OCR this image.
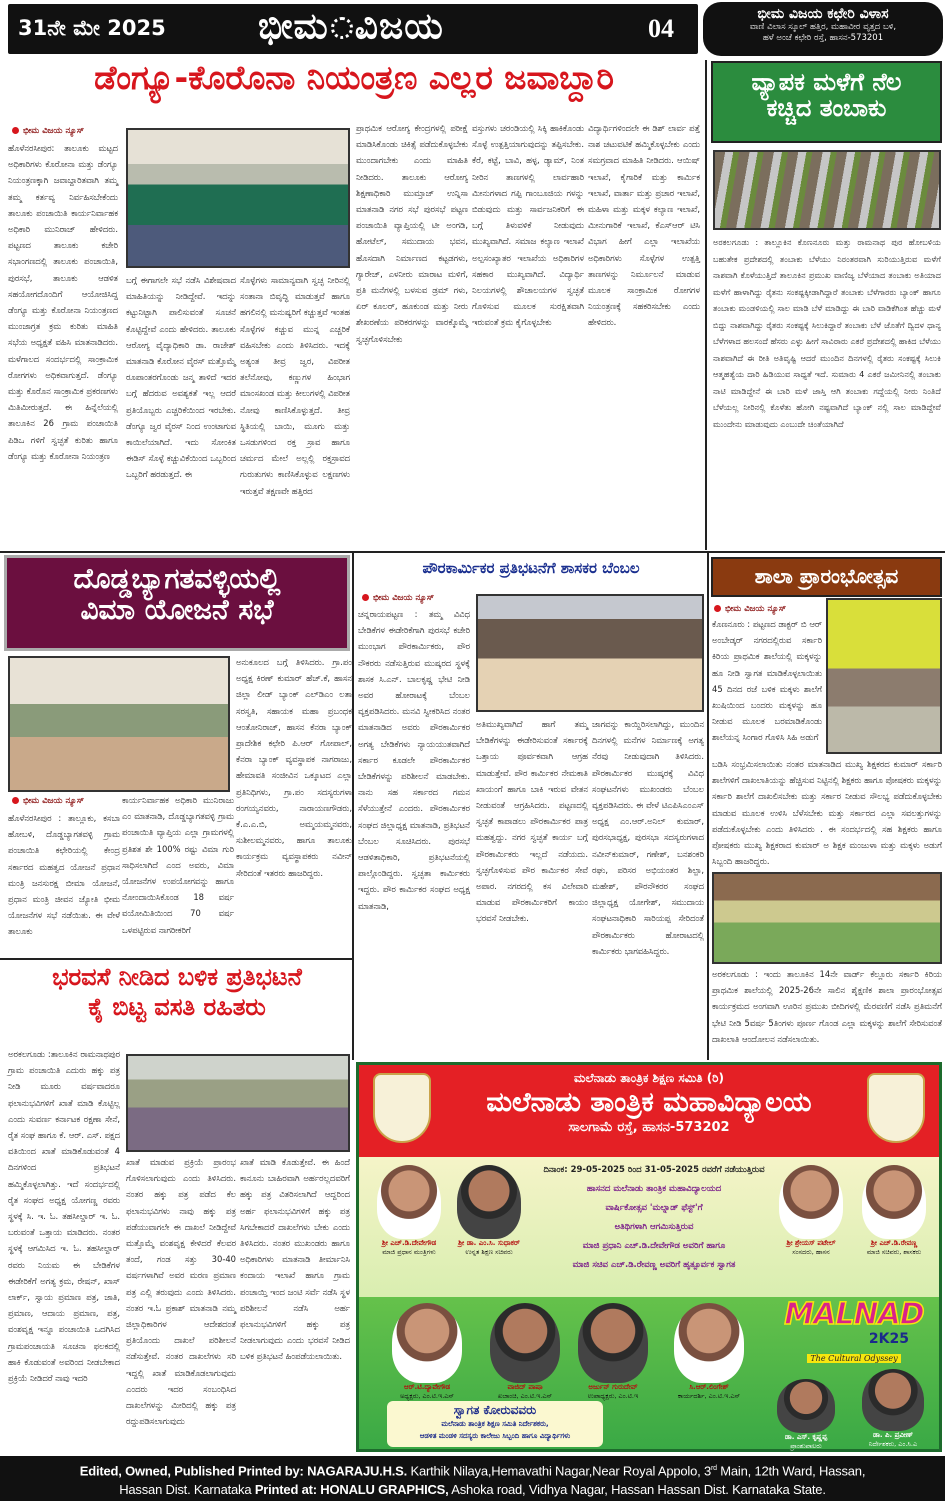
31ನೇ ಮೇ 2025	ಭೀಮ ವಿಜಯ	04	ಭೀಮ ವಿಜಯ ಕಛೇರಿ ವಿಳಾಸ
ವಾಣಿ ವಿಲಾಸ ಸ್ಕೂಲ್ ಹತ್ತಿರ, ಮಹಾವೀರ ವೃತ್ತದ ಬಳಿ,
ಹಳೆ ಅಂಚೆ ಕಛೇರಿ ರಸ್ತೆ, ಹಾಸನ-573201
ಡೆಂಗ್ಯೂ-ಕೊರೊನಾ ನಿಯಂತ್ರಣ ಎಲ್ಲರ ಜವಾಬ್ದಾರಿ
ಭೀಮ ವಿಜಯ ನ್ಯೂಸ್
ಹೊಳೆನರಸೀಪುರ: ತಾಲೂಕು ಮಟ್ಟದ ಅಧಿಕಾರಿಗಳು ಕೊರೋನಾ ಮತ್ತು ಡೆಂಗ್ಯೂ ನಿಯಂತ್ರಣಕ್ಕಾಗಿ ಜವಾಬ್ದಾರಿತವಾಗಿ ತಮ್ಮ ತಮ್ಮ ಕರ್ತವ್ಯ ನಿರ್ವಹಿಸಬೇಕೆಂದು ತಾಲೂಕು ಪಂಚಾಯಿತಿ ಕಾರ್ಯನಿರ್ವಾಹಕ ಅಧಿಕಾರಿ ಮುನಿರಾಜ್ ಹೇಳಿದರು. ಪಟ್ಟಣದ ತಾಲೂಕು ಕಚೇರಿ ಸಭಾಂಗಣದಲ್ಲಿ ತಾಲೂಕು ಪಂಚಾಯಿತಿ, ಪುರಸಭೆ, ತಾಲೂಕು ಆಡಳಿತ ಸಹಯೋಗದೊಂದಿಗೆ ಆಯೋಜಿಸಿದ್ದ ಡೆಂಗ್ಯೂ ಮತ್ತು ಕೊರೋನಾ ನಿಯಂತ್ರಣದ ಮುಂಜಾಗ್ರತ ಕ್ರಮ ಕುರಿತು ಮಾಹಿತಿ ಸಭೆಯ ಅಧ್ಯಕ್ಷತೆ ವಹಿಸಿ ಮಾತನಾಡಿದರು. ಮಳೆಗಾಲದ ಸಂದರ್ಭದಲ್ಲಿ ಸಾಂಕ್ರಾಮಿಕ ರೋಗಗಳು ಅಧಿಕವಾಗುತ್ತದೆ. ಡೆಂಗ್ಯೂ ಮತ್ತು ಕೊರೊನ ಸಾಂಕ್ರಾಮಿಕ ಪ್ರಕರಣಗಳು ಮಿತಿಮೀರುತ್ತದೆ. ಈ ಹಿನ್ನೆಲೆಯಲ್ಲಿ ತಾಲೂಕಿನ 26 ಗ್ರಾಮ ಪಂಚಾಯಿತಿ ಪಿಡಿಒ ಗಳಿಗೆ ಸ್ವಚ್ಛತೆ ಕುರಿತು ಹಾಗೂ ಡೆಂಗ್ಯೂ ಮತ್ತು ಕೊರೋನಾ ನಿಯಂತ್ರಣ
ಬಗ್ಗೆ ಈಗಾಗಲೇ ಸಭೆ ನಡೆಸಿ ವಿಶೇಷವಾದ ಮಾಹಿತಿಯನ್ನು ನೀಡಿದ್ದೇವೆ. ಇದನ್ನು ಕಟ್ಟುನಿಟ್ಟಾಗಿ ಪಾಲಿಸುವಂತೆ ಸೂಚನೆ ಕೊಟ್ಟಿದ್ದೇವೆ ಎಂದು ಹೇಳಿದರು. ತಾಲೂಕು ಆರೋಗ್ಯ ವೈದ್ಯಾಧಿಕಾರಿ ಡಾ. ರಾಜೇಶ್ ಮಾತನಾಡಿ ಕೊರೋನ ವೈರಸ್ ಮತ್ತೊಮ್ಮೆ ರೂಪಾಂತರಗೊಂಡು ಜನ್ಮ ತಾಳಿದೆ ಇದರ ಬಗ್ಗೆ ಹೆದರುವ ಅವಶ್ಯಕತೆ ಇಲ್ಲ ಆದರೆ ಪ್ರತಿಯೊಬ್ಬರು ಎಚ್ಚರಿಕೆಯಿಂದ ಇರಬೇಕು. ಡೆಂಗ್ಯೂ ಜ್ವರ ವೈರಸ್ ನಿಂದ ಉಂಟಾಗುವ ಕಾಯಿಲೆಯಾಗಿದೆ. ಇದು ಸೋಂಕಿತ ಈಡಿಸ್ ಸೊಳ್ಳೆ ಕಚ್ಚುವಿಕೆಯಿಂದ ಒಬ್ಬರಿಂದ ಒಬ್ಬರಿಗೆ ಹರಡುತ್ತದೆ. ಈ
ಸೊಳ್ಳೆಗಳು ಸಾಮಾನ್ಯವಾಗಿ ಸ್ವಚ್ಛ ನೀರಿನಲ್ಲಿ ಸಂತಾನಾ ಬಿವೃದ್ಧಿ ಮಾಡುತ್ತವೆ ಹಾಗೂ ಹಗಲಿನಲ್ಲಿ ಮನುಷ್ಯರಿಗೆ ಕಚ್ಚುತ್ತವೆ ಇಂತಹ ಸೊಳ್ಳೆಗಳ ಕಚ್ಚುವ ಮುನ್ನ ಎಚ್ಚರಿಕೆ ವಹಿಸಬೇಕು ಎಂದು ತಿಳಿಸಿದರು. ಇದಕ್ಕೆ ಅತ್ಯಂತ ತೀವ್ರ ಜ್ವರ, ವಿಪರೀತ ತಲೆನೋವು, ಕಣ್ಣುಗಳ ಹಿಂಭಾಗ ಮಾಂಸಖಂಡ ಮತ್ತು ಕೀಲುಗಳಲ್ಲಿ ವಿಪರೀತ ನೋವು ಕಾಣಿಸಿಕೊಳ್ಳುತ್ತದೆ. ತೀವ್ರ ಸ್ಥಿತಿಯಲ್ಲಿ ಬಾಯಿ, ಮೂಗು ಮತ್ತು ಒಸಡುಗಳಿಂದ ರಕ್ತ ಸ್ರಾವ ಹಾಗೂ ಚರ್ಮದ ಮೇಲೆ ಅಲ್ಲಲ್ಲಿ ರಕ್ತಸ್ರಾವದ ಗುರುತುಗಳು ಕಾಣಿಸಿಕೊಳ್ಳುವ ಲಕ್ಷಣಗಳು ಇರುತ್ತವೆ ತಕ್ಷಣವೇ ಹತ್ತಿರದ
ಪ್ರಾಥಮಿಕ ಆರೋಗ್ಯ ಕೇಂದ್ರಗಳಲ್ಲಿ ಪರೀಕ್ಷೆ ಮಾಡಿಸಿಕೊಂಡು ಚಿಕಿತ್ಸೆ ಪಡೆದುಕೊಳ್ಳಬೇಕು ಮುಂದಾಗಬೇಕು ಎಂದು ಮಾಹಿತಿ ನೀಡಿದರು. ತಾಲೂಕು ಆರೋಗ್ಯ ಶಿಕ್ಷಣಾಧಿಕಾರಿ ಮುಮ್ತಾಜ್ ಉನ್ನಿಸಾ ಮಾತನಾಡಿ ನಗರ ಸಭೆ ಪುರಸಭೆ ಪಟ್ಟಣ ಪಂಚಾಯಿತಿ ವ್ಯಾಪ್ತಿಯಲ್ಲಿ ಟೀ ಅಂಗಡಿ, ಹೋಟೆಲ್, ಸಮುದಾಯ ಭವನ, ಹೊಸದಾಗಿ ನಿರ್ಮಾಣದ ಕಟ್ಟಡಗಳು, ಗ್ಯಾರೇಜ್, ಎಳನೀರು ಮಾರಾಟ ಮಳಿಗೆ, ಪ್ರತಿ ಮನೆಗಳಲ್ಲಿ ಬಳಸುವ ಡ್ರಮ್ ಗಳು, ಏರ್ ಕೂಲರ್, ಹೂಕುಂಡ ಮತ್ತು ನೀರು ಶೇಖರಣೆಯ ಪರಿಕರಗಳನ್ನು ವಾರಕ್ಕೊಮ್ಮೆ ಸ್ವಚ್ಛಗೊಳಿಸಬೇಕು
ವಸ್ತುಗಳು ಚರಂಡಿಯಲ್ಲಿ ಸಿಕ್ಕಿ ಹಾಕಿಕೊಂಡು ಸೊಳ್ಳೆ ಉತ್ಪತ್ತಿಯಾಗುವುದನ್ನು ತಪ್ಪಿಸಬೇಕು. ಕೆರೆ, ಕಟ್ಟೆ, ಬಾವಿ, ಹಳ್ಳ, ಡ್ಯಾಮ್, ನಿಂತ ನೀರಿನ ತಾಣಗಳಲ್ಲಿ ಲಾರ್ವಹಾರಿ ಮೀನುಗಳಾದ ಗಪ್ಪಿ ಗಾಂಬೂಜಿಯ ಗಳನ್ನು ಬಿಡುವುದು ಮತ್ತು ಸಾರ್ವಜನಿಕರಿಗೆ ಈ ಬಗ್ಗೆ ತಿಳುವಳಿಕೆ ನೀಡುವುದು ಮುಖ್ಯವಾಗಿದೆ. ಸಮಾಜ ಕಲ್ಯಾಣ ಇಲಾಖೆ ಅಲ್ಪಸಂಖ್ಯಾತರ ಇಲಾಖೆಯ ಅಧಿಕಾರಿಗಳ ಸಹಕಾರ ಮುಖ್ಯವಾಗಿದೆ. ವಿದ್ಯಾರ್ಥಿ ನಿಲಯಗಳಲ್ಲಿ ಶೌಚಾಲಯಗಳ ಸ್ವಚ್ಛತೆ ಗೊಳಿಸುವ ಮೂಲಕ ಸುರಕ್ಷಿತವಾಗಿ ಇರುವಂತೆ ಕ್ರಮ ಕೈಗೊಳ್ಳಬೇಕು
ವಿದ್ಯಾರ್ಥಿಗಳಿಂದಲೇ ಈ ಡಿಶ್ ಲಾರ್ವ ಪತ್ತೆ ನಾಶ ಚಟುವಟಿಕೆ ಹಮ್ಮಿಕೊಳ್ಳಬೇಕು ಎಂದು ಸಮಗ್ರವಾದ ಮಾಹಿತಿ ನೀಡಿದರು. ಆಯಿಷ್ ಇಲಾಖೆ, ಕೈಗಾರಿಕೆ ಮತ್ತು ಕಾರ್ಮಿಕ ಇಲಾಖೆ, ವಾರ್ತಾ ಮತ್ತು ಪ್ರಚಾರ ಇಲಾಖೆ, ಮಹಿಳಾ ಮತ್ತು ಮಕ್ಕಳ ಕಲ್ಯಾಣ ಇಲಾಖೆ, ಮೀನುಗಾರಿಕೆ ಇಲಾಖೆ, ಕೆಎಸ್ಆರ್ ಟಿಸಿ ವಿಭಾಗ ಹೀಗೆ ಎಲ್ಲಾ ಇಲಾಖೆಯ ಅಧಿಕಾರಿಗಳು ಸೊಳ್ಳೆಗಳ ಉತ್ಪತ್ತಿ ತಾಣಗಳನ್ನು ನಿರ್ಮೂಲನೆ ಮಾಡುವ ಮೂಲಕ ಸಾಂಕ್ರಾಮಿಕ ರೋಗಗಳ ನಿಯಂತ್ರಣಕ್ಕೆ ಸಹಕರಿಸಬೇಕು ಎಂದು ಹೇಳಿದರು.
ವ್ಯಾಪಕ ಮಳೆಗೆ ನೆಲ
ಕಚ್ಚಿದ ತಂಬಾಕು
ಅರಕಲಗೂಡು : ತಾಲ್ಲೂಕಿನ ಕೊಣನೂರು ಮತ್ತು ರಾಮನಾಥ ಪುರ ಹೋಬಳಿಯ ಬಹುತೇಕ ಪ್ರದೇಶದಲ್ಲಿ ತಂಬಾಕು ಬೆಳೆಯು ನಿರಂತರವಾಗಿ ಸುರಿಯುತ್ತಿರುವ ಮಳೆಗೆ ನಾಶವಾಗಿ ಕೊಳೆಯುತ್ತಿದೆ ತಾಲೂಕಿನ ಪ್ರಮುಖ ವಾಣಿಜ್ಯ ಬೆಳೆಯಾದ ತಂಬಾಕು ಅತಿಯಾದ ಮಳೆಗೆ ಹಾಳಾಗಿದ್ದು ರೈತನು ಸಂಕಷ್ಟಕ್ಕೀಡಾಗಿದ್ದಾರೆ ತಂಬಾಕು ಬೆಳೆಗಾರರು ಬ್ಯಾಂಕ್ ಹಾಗೂ ತಂಬಾಕು ಮಂಡಳಿಯಲ್ಲಿ ಸಾಲ ಮಾಡಿ ಬೆಳೆ ಮಾಡಿದ್ದು ಈ ಬಾರಿ ವಾಡಿಕೆಗಿಂತ ಹೆಚ್ಚು ಮಳೆ ಬಿದ್ದು ನಾಶವಾಗಿದ್ದು ರೈತರು ಸಂಕಷ್ಟಕ್ಕೆ ಸಿಲುಕಿದ್ದಾರೆ ತಂಬಾಕು ಬೆಳೆ ಜೊತೆಗೆ ದ್ವಿದಳ ಧಾನ್ಯ ಬೆಳೆಗಳಾದ ಹಲಸಂದೆ ಹೆಸರು ಎಳ್ಳು ಹೀಗೆ ಸಾವಿರಾರು ಎಕರೆ ಪ್ರದೇಶದಲ್ಲಿ ಹಾಕಿದ ಬೆಳೆಯು ನಾಶವಾಗಿದೆ ಈ ರೀತಿ ಅತಿವೃಷ್ಟಿ ಆದರೆ ಮುಂದಿನ ದಿನಗಳಲ್ಲಿ ರೈತರು ಸಂಕಷ್ಟಕ್ಕೆ ಸಿಲುಕಿ ಆತ್ಮಹತ್ಯೆಯ ದಾರಿ ಹಿಡಿಯುವ ಸಾಧ್ಯತೆ ಇದೆ. ಸುಮಾರು 4 ಎಕರೆ ಜಮೀನಿನಲ್ಲಿ ತಂಬಾಕು ನಾಟಿ ಮಾಡಿದ್ದೇನೆ ಈ ಬಾರಿ ಮಳೆ ಜಾಸ್ತಿ ಆಗಿ ತಂಬಾಕು ಗದ್ದೆಯಲ್ಲಿ ನೀರು ನಿಂತಿದೆ ಬೆಳೆಯಲ್ಲ ನೀರಿನಲ್ಲಿ ಕೊಳೆತು ಹೋಗಿ ನಷ್ಟವಾಗಿದೆ ಬ್ಯಾಂಕ್ ನಲ್ಲಿ ಸಾಲ ಮಾಡಿದ್ದೇವೆ ಮುಂದೇನು ಮಾಡುವುದು ಎಂಬುದೇ ಚಿಂತೆಯಾಗಿದೆ
ದೊಡ್ಡಬ್ಯಾಗತವಳ್ಳಿಯಲ್ಲಿ
ವಿಮಾ ಯೋಜನೆ ಸಭೆ
ಅನುಕೂಲದ ಬಗ್ಗೆ ತಿಳಿಸಿದರು. ಗ್ರಾ.ಪಂ ಅಧ್ಯಕ್ಷ ಕಿರಣ್ ಕುಮಾರ್ ಹೆಚ್.ಕೆ, ಹಾಸನ ಜಿಲ್ಲಾ ಲೀಡ್ ಬ್ಯಾಂಕ್ ಎಲ್‌ಡಿಎಂ ಲತಾ ಸರಸ್ವತಿ, ಸಹಾಯಕ ಮಹಾ ಪ್ರಬಂಧಕ ಆಂತೋನಿರಾಜ್, ಹಾಸನ ಕೆನರಾ ಬ್ಯಾಂಕ್ ಪ್ರಾದೇಶಿಕ ಕಛೇರಿ ಪಿ.ಆರ್ ಗೋಪಾಲ್, ಕೆನರಾ ಬ್ಯಾಂಕ್ ವ್ಯವಸ್ಥಾಪಕ ನಾಗರಾಜು, ಹೇಮಾವತಿ ಸಂಜೀವಿನ ಒಕ್ಕೂಟದ ಎಲ್ಲಾ ಪ್ರತಿನಿಧಿಗಳು, ಗ್ರಾ.ಪಂ ಸದಸ್ಯರುಗಳಾ ರಂಗಯ್ಯನವರು, ನಾರಾಯಣಗೌಡರು, ಕೆ.ಎ.ಎ.ಬಿ, ಅಮ್ಮಯಮ್ಮನವರು, ಸುಶೀಲಮ್ಮನವರು, ಹಾಗೂ ತಾಲೂಕು ಕಾರ್ಯಕ್ರಮ ವ್ಯವಸ್ಥಾಪಕರು ನವೀನ್ ಸೇರಿದಂತೆ ಇತರರು ಹಾಜರಿದ್ದರು.
ಭೀಮ ವಿಜಯ ನ್ಯೂಸ್
ಹೊಳೆನರಸೀಪುರ : ತಾಲ್ಲೂಕು, ಕಸಬಾ ಹೋಬಳಿ, ದೊಡ್ಡಬ್ಯಾಗತವಳ್ಳಿ ಗ್ರಾಮ ಪಂಚಾಯಿತಿ ಕಛೇರಿಯಲ್ಲಿ ಕೇಂದ್ರ ಸರ್ಕಾರದ ಮಹತ್ವದ ಯೋಜನೆ ಪ್ರಧಾನ ಮಂತ್ರಿ ಜನಸುರಕ್ಷ ಬೀಮಾ ಯೋಜನೆ, ಪ್ರಧಾನ ಮಂತ್ರಿ ಜೀವನ ಜ್ಯೋತಿ ಭೀಮ ಯೋಜನೆಗಳ ಸಭೆ ನಡೆಯಿತು. ಈ ವೇಳೆ ತಾಲೂಕು
ಕಾರ್ಯನಿರ್ವಾಹಕ ಅಧಿಕಾರಿ ಮುನಿರಾಜು ಎಂ ಮಾತನಾಡಿ, ದೊಡ್ಡಬ್ಯಾಗತವಳ್ಳಿ ಗ್ರಾಮ ಪಂಚಾಯಿತಿ ವ್ಯಾಪ್ತಿಯ ಎಲ್ಲಾ ಗ್ರಾಮಗಳಲ್ಲಿ ಪ್ರತಿಶತ ಶೇ 100% ರಷ್ಟು ವಿಮಾ ಗುರಿ ಸಾಧಿಸಲಾಗಿದೆ ಎಂದ ಅವರು, ವಿಮಾ ಯೋಜನೆಗಳ ಉಪಯೋಗವನ್ನು ಹಾಗೂ ನೋಂದಾಯಿಸಿಕೊಂಡ 18 ವರ್ಷ ವಯೋಮಿತಿಯಿಂದ 70 ವರ್ಷ ಒಳಪಟ್ಟಿರುವ ನಾಗರೀಕರಿಗೆ
ಪೌರಕಾರ್ಮಿಕರ ಪ್ರತಿಭಟನೆಗೆ ಶಾಸಕರ ಬೆಂಬಲ
ಭೀಮ ವಿಜಯ ನ್ಯೂಸ್
ಚನ್ನರಾಯಪಟ್ಟಣ : ತಮ್ಮ ವಿವಿಧ ಬೇಡಿಕೆಗಳ ಈಡೇರಿಕೆಗಾಗಿ ಪುರಸಭೆ ಕಚೇರಿ ಮುಂಭಾಗ ಪೌರಕಾರ್ಮಿಕರು, ಪೌರ ನೌಕರರು ನಡೆಸುತ್ತಿರುವ ಮುಷ್ಕರದ ಸ್ಥಳಕ್ಕೆ ಶಾಸಕ ಸಿ.ಎನ್. ಬಾಲಕೃಷ್ಣ ಭೇಟಿ ನೀಡಿ ಅವರ ಹೋರಾಟಕ್ಕೆ ಬೆಂಬಲ ವ್ಯಕ್ತಪಡಿಸಿದರು. ಮನವಿ ಸ್ವೀಕರಿಸಿದ ನಂತರ ಮಾತನಾಡಿದ ಅವರು ಪೌರಕಾರ್ಮಿಕರ ಅಗತ್ಯ ಬೇಡಿಕೆಗಳು ನ್ಯಾಯಯುತವಾಗಿದೆ ಸರ್ಕಾರ ಕೂಡಲೇ ಪೌರಕಾರ್ಮಿಕರ ಬೇಡಿಕೆಗಳನ್ನು ಪರಿಶೀಲನೆ ಮಾಡಬೇಕು. ನಾನು ಸಹ ಸರ್ಕಾರದ ಗಮನ ಸೆಳೆಯುತ್ತೇನೆ ಎಂದರು. ಪೌರಕಾರ್ಮಿಕರ ಸಂಘದ ಜಿಲ್ಲಾಧ್ಯಕ್ಷ ಮಾತನಾಡಿ, ಪ್ರತಿಭಟನೆ ಬೆಂಬಲ ಸೂಚಿಸಿದರು. ಪುರಸಭೆ ಆಡಳಿತಾಧಿಕಾರಿ, ಪ್ರತಿಭಟನೆಯಲ್ಲಿ ಪಾಲ್ಗೊಂಡಿದ್ದರು. ಸ್ವಚ್ಛತಾ ಕಾರ್ಮಿಕರು ಇದ್ದರು. ಪೌರ ಕಾರ್ಮಿಕರ ಸಂಘದ ಅಧ್ಯಕ್ಷ ಮಾತನಾಡಿ,
ಅತಿಮುಖ್ಯವಾಗಿದೆ ಹಾಗೆ ತಮ್ಮ ಬೇಡಿಕೆಗಳನ್ನು ಈಡೇರಿಸುವಂತೆ ಸರ್ಕಾರಕ್ಕೆ ಒತ್ತಾಯ ಪೂರ್ವಕವಾಗಿ ಆಗ್ರಹ ಮಾಡುತ್ತೇವೆ. ಪೌರ ಕಾರ್ಮಿಕರ ನೇಮಕಾತಿ ಖಾಯಂಗೆ ಹಾಗೂ ಬಾಕಿ ಇರುವ ವೇತನ ನೀಡುವಂತೆ ಆಗ್ರಹಿಸಿದರು. ಪಟ್ಟಣದಲ್ಲಿ ಸ್ವಚ್ಛತೆ ಕಾಪಾಡಲು ಪೌರಕಾರ್ಮಿಕರ ಪಾತ್ರ ಮಹತ್ವದ್ದು. ನಗರ ಸ್ವಚ್ಛತೆ ಕಾರ್ಯ ಬಗ್ಗೆ ಪೌರಕಾರ್ಮಿಕರು ಇಲ್ಲದೆ ನಡೆಯದು. ಸ್ವಚ್ಛಗೊಳಿಸುವ ಪೌರ ಕಾರ್ಮಿಕರ ಸೇವೆ ಅಪಾರ. ನಗರದಲ್ಲಿ ಕಸ ವಿಲೇವಾರಿ ಮಾಡುವ ಪೌರಕಾರ್ಮಿಕರಿಗೆ ಕಾಯಂ ಭರವಸೆ ನೀಡಬೇಕು.
ಜಾಗವನ್ನು ಕಾಯ್ದಿರಿಸಲಾಗಿದ್ದು, ಮುಂದಿನ ದಿನಗಳಲ್ಲಿ ಮನೆಗಳ ನಿರ್ಮಾಣಕ್ಕೆ ಅಗತ್ಯ ನೆರವು ನೀಡುವುದಾಗಿ ತಿಳಿಸಿದರು. ಪೌರಕಾರ್ಮಿಕರ ಮುಷ್ಕರಕ್ಕೆ ವಿವಿಧ ಸಂಘಟನೆಗಳು ಮುಖಂಡರು ಬೆಂಬಲ ವ್ಯಕ್ತಪಡಿಸಿದರು. ಈ ವೇಳೆ ಟಿಎಪಿಸಿಎಂಎಸ್ ಅಧ್ಯಕ್ಷ ಎಂ.ಆರ್.ಅನಿಲ್ ಕುಮಾರ್, ಪುರಸಭಾಧ್ಯಕ್ಷ, ಪುರಸಭಾ ಸದಸ್ಯರುಗಳಾದ ನವೀನ್‌ಕುಮಾರ್, ಗಣೇಶ್, ಬನಶಂಕರಿ ರಘು, ಪರಿಸರ ಅಭಿಯಂತರ ಶಿಲ್ಪಾ, ಮಹೇಶ್, ಪೌರನೌಕರರ ಸಂಘದ ಜಿಲ್ಲಾಧ್ಯಕ್ಷ ಯೋಗೇಶ್, ಸಮುದಾಯ ಸಂಘಟನಾಧಿಕಾರಿ ಸಾರಿಯಪ್ಪ ಸೇರಿದಂತೆ ಪೌರಕಾರ್ಮಿಕರು ಹೋರಾಟದಲ್ಲಿ ಕಾರ್ಮಿಕರು ಭಾಗವಹಿಸಿದ್ದರು.
ಶಾಲಾ ಪ್ರಾರಂಭೋತ್ಸವ
ಭೀಮ ವಿಜಯ ನ್ಯೂಸ್
ಕೊಣನೂರು : ಪಟ್ಟಣದ ಡಾಕ್ಟರ್ ಬಿ ಆರ್ ಅಂಬೇಡ್ಕರ್ ನಗರದಲ್ಲಿರುವ ಸರ್ಕಾರಿ ಕಿರಿಯ ಪ್ರಾಥಮಿಕ ಶಾಲೆಯಲ್ಲಿ ಮಕ್ಕಳನ್ನು ಹೂ ನೀಡಿ ಸ್ವಾಗತ ಮಾಡಿಕೊಳ್ಳಲಾಯಿತು 45 ದಿನದ ರಜೆ ಬಳಿಕ ಮಕ್ಕಳು ಶಾಲೆಗೆ ಖುಷಿಯಿಂದ ಬಂದರು ಮಕ್ಕಳನ್ನು ಹೂ ನೀಡುವ ಮೂಲಕ ಬರಮಾಡಿಕೊಂಡು ಶಾಲೆಯನ್ನ ಸಿಂಗಾರ ಗೊಳಿಸಿ ಸಿಹಿ ಅಡುಗೆ
ಬಡಿಸಿ ಸಂಭ್ರಮಿಸಲಾಯಿತು ನಂತರ ಮಾತನಾಡಿದ ಮುಖ್ಯ ಶಿಕ್ಷಕರದ ಕುಮಾರ್ ಸರ್ಕಾರಿ ಶಾಲೆಗಳಿಗೆ ದಾಖಲಾತಿಯನ್ನು ಹೆಚ್ಚಿಸುವ ನಿಟ್ಟಿನಲ್ಲಿ ಶಿಕ್ಷಕರು ಹಾಗೂ ಪೋಷಕರು ಮಕ್ಕಳನ್ನು ಸರ್ಕಾರಿ ಶಾಲೆಗೆ ದಾಖಲಿಸಬೇಕು ಮತ್ತು ಸರ್ಕಾರ ನೀಡುವ ಸೌಲಭ್ಯ ಪಡೆದುಕೊಳ್ಳಬೇಕು ಮಾಡುವ ಮೂಲಕ ಉಳಿಸಿ ಬೆಳೆಸಬೇಕು ಮತ್ತು ಸರ್ಕಾರದ ಎಲ್ಲಾ ಸವಲತ್ತುಗಳನ್ನು ಪಡೆದುಕೊಳ್ಳಬೇಕು ಎಂದು ತಿಳಿಸಿದರು . ಈ ಸಂದರ್ಭದಲ್ಲಿ ಸಹ ಶಿಕ್ಷಕರು ಹಾಗೂ ಪೋಷಕರು ಮುಖ್ಯ ಶಿಕ್ಷಕರಾದ ಕುಮಾರ್ ಅ ಶಿಕ್ಷಕ ಮಂಜುಳಾ ಮತ್ತು ಮಕ್ಕಳು ಅಡುಗೆ ಸಿಬ್ಬಂದಿ ಹಾಜರಿದ್ದರು.
ಅರಕಲಗೂಡು : ಇಂದು ತಾಲೂಕಿನ 14ನೇ ವಾರ್ಡ್ ಕೆಲ್ಲೂರು ಸರ್ಕಾರಿ ಕಿರಿಯ ಪ್ರಾಥಮಿಕ ಶಾಲೆಯಲ್ಲಿ 2025-26ನೇ ಸಾಲಿನ ಶೈಕ್ಷಣಿಕ ಶಾಲಾ ಪ್ರಾರಂಭೋತ್ಸವ ಕಾರ್ಯಕ್ರಮದ ಅಂಗವಾಗಿ ಊರಿನ ಪ್ರಮುಖ ಬೀದಿಗಳಲ್ಲಿ ಮೆರವಣಿಗೆ ನಡೆಸಿ ಪ್ರತಿಮನೆಗೆ ಭೇಟಿ ನೀಡಿ 5ವರ್ಷ 5ತಿಂಗಳು ಪೂರ್ಣ ಗೊಂಡ ಎಲ್ಲಾ ಮಕ್ಕಳನ್ನು ಶಾಲೆಗೆ ಸೇರಿಸುವಂತೆ ದಾಖಲಾತಿ ಆಂದೋಲನ ನಡೆಸಲಾಯಿತು.
ಭರವಸೆ ನೀಡಿದ ಬಳಿಕ ಪ್ರತಿಭಟನೆ
ಕೈ ಬಿಟ್ಟ ವಸತಿ ರಹಿತರು
ಅರಕಲಗೂಡು :ತಾಲೂಕಿನ ರಾಮನಾಥಪುರ ಗ್ರಾಮ ಪಂಚಾಯಿತಿ ಎದುರು ಹಕ್ಕು ಪತ್ರ ನೀಡಿ ಮೂರು ವರ್ಷವಾದರೂ ಫಲಾನುಭವಿಗಳಿಗೆ ಖಾತೆ ಮಾಡಿ ಕೊಟ್ಟಿಲ್ಲ ಎಂದು ಸುವರ್ಣ ಕರ್ನಾಟಕ ರಕ್ಷಣಾ ಸೇನೆ, ರೈತ ಸಂಘ ಹಾಗೂ ಕೆ. ಆರ್. ಎಸ್. ಪಕ್ಷದ ವತಿಯಿಂದ ಖಾತೆ ಮಾಡಿಕೊಡುವಂತೆ 4 ದಿನಗಳಿಂದ ಪ್ರತಿಭಟನೆ ಹಮ್ಮಿಕೊಳ್ಳಲಾಗಿತ್ತು. ಇದೆ ಸಂದರ್ಭದಲ್ಲಿ ರೈತ ಸಂಘದ ಅಧ್ಯಕ್ಷ ಯೋಗಣ್ಣ ರವರು ಸ್ಥಳಕ್ಕೆ ಸಿ. ಇ. ಓ. ತಹಸೀಲ್ದಾರ್ ಇ. ಓ. ಬರುವಂತೆ ಒತ್ತಾಯ ಮಾಡಿದರು. ನಂತರ ಸ್ಥಳಕ್ಕೆ ಆಗಮಿಸಿದ ಇ. ಓ. ತಹಸೀಲ್ದಾರ್ ರವರು ನಿಯಮ ಈ ಬೇಡಿಕೆಗಳ ಈಡೇರಿಕೆಗೆ ಅಗತ್ಯ ಕ್ರಮ, ರೇಷನ್, ಖಾಸ್ ಲಾರ್ಕ್, ಸ್ವಾಯ ಪ್ರಮಾಣ ಪತ್ರ, ಜಾತಿ, ಪ್ರಮಾಣ, ಆದಾಯ ಪ್ರಮಾಣ, ಪತ್ರ, ವಂಶವೃಕ್ಷ ಇನ್ನೂ ಪಂಚಾಯಿತಿ ಒದಗಿಸಿದ ಗ್ರಾಮಪಂಚಾಯತಿ ಸೂಚನಾ ಫಲಕದಲ್ಲಿ ಹಾಕಿ ಕೊಡುವಂತೆ ಅವರಿಂದ ನೀಡಬೇಕಾದ ಪ್ರಕ್ರಿಯೆ ನೀಡಿದರೆ ನಾವು ಇದರಿ
ಖಾತೆ ಮಾಡುವ ಪ್ರಕ್ರಿಯೆ ಪ್ರಾರಂಭ ಗೊಳಿಸಲಾಗುವುದು ಎಂದು ತಿಳಿಸಿದರು. ನಂತರ ಹಕ್ಕು ಪತ್ರ ಪಡೆದ ಕೆಲ ಫಲಾನುಭವಿಗಳು ನಾವು ಹಕ್ಕು ಪತ್ರ ಪಡೆಯುವಾಗಲೇ ಈ ದಾಖಲೆ ನೀಡಿದ್ದೇವೆ ಮತ್ತೊಮ್ಮೆ ವಂಶವೃಕ್ಷ ಕೇಳಿದರೆ ಕೆಲವರ ತಂದೆ, ಗಂಡ ಸತ್ತು 30-40 ವರ್ಷಗಳಾಗಿವೆ ಅವರ ಮರಣ ಪ್ರಮಾಣ ಪತ್ರ ಎಲ್ಲಿ ತರುವುದು ಎಂದು ತಿಳಿಸಿದರು. ನಂತರ ಇ.ಓ ಪ್ರಕಾಶ್ ಮಾತನಾಡಿ ನಮ್ಮ ಜಿಲ್ಲಾಧಿಕಾರಿಗಳ ಆದೇಶದಂತೆ ಪ್ರತಿಯೊಂದು ದಾಖಲೆ ಪರಿಶೀಲನೆ ನಡೆಸುತ್ತೇವೆ. ನಂತರ ದಾಖಲೆಗಳು ಸರಿ ಇದ್ದಲ್ಲಿ ಖಾತೆ ಮಾಡಿಕೊಡಲಾಗುವುದು ಎಂದರು ಇದರ ಸಂಬಂಧಿಸಿದ ದಾಖಲೆಗಳನ್ನು ಮೀರಿದಲ್ಲಿ ಹಕ್ಕು ಪತ್ರ ರದ್ದುಪಡಿಸಲಾಗುವುದು
ಖಾತೆ ಮಾಡಿ ಕೊಡುತ್ತೇವೆ. ಈ ಹಿಂದೆ ಕಾನೂನು ಬಾಹಿರವಾಗಿ ಅರ್ಹರಲ್ಲದವರಿಗೆ ಹಕ್ಕು ಪತ್ರ ವಿತರಿಸಲಾಗಿದೆ ಆದ್ದರಿಂದ ಅರ್ಹ ಫಲಾನುಭವಿಗಳಿಗೆ ಹಕ್ಕು ಪತ್ರ ಸಿಗಬೇಕಾದರೆ ದಾಖಲೆಗಳು ಬೇಕು ಎಂದು ತಿಳಿಸಿದರು. ನಂತರ ಮುಖಂಡರು ಹಾಗೂ ಅಧಿಕಾರಿಗಳು ಮಾತನಾಡಿ ತೀರ್ಮಾನಿಸಿ ಕಂದಾಯ ಇಲಾಖೆ ಹಾಗೂ ಗ್ರಾಮ ಪಂಚಾಯ್ತಿ ಇಂದ ಜಂಟಿ ಸರ್ವೆ ನಡೆಸಿ ಸ್ಥಳ ಪರಿಶೀಲನೆ ನಡೆಸಿ ಅರ್ಹ ಫಲಾನುಭವಿಗಳಿಗೆ ಹಕ್ಕು ಪತ್ರ ನೀಡಲಾಗುವುದು ಎಂದು ಭರವಸೆ ನೀಡಿದ ಬಳಿಕ ಪ್ರತಿಭಟನೆ ಹಿಂಪಡೆಯಲಾಯಿತು.
ಮಲೆನಾಡು ತಾಂತ್ರಿಕ ಶಿಕ್ಷಣ ಸಮಿತಿ (ರಿ)
ಮಲೆನಾಡು ತಾಂತ್ರಿಕ ಮಹಾವಿದ್ಯಾಲಯ
ಸಾಲಗಾಮೆ ರಸ್ತೆ, ಹಾಸನ-573202
ದಿನಾಂಕ: 29-05-2025 ರಿಂದ 31-05-2025 ರವರೆಗೆ ನಡೆಯುತ್ತಿರುವ
ಹಾಸನದ ಮಲೆನಾಡು ತಾಂತ್ರಿಕ ಮಹಾವಿದ್ಯಾಲಯದ
ವಾರ್ಷಿಕೋತ್ಸವ 'ಮಲ್ನಾಡ್ ಫೆಸ್ಟ್'ಗೆ
ಅತಿಥಿಗಳಾಗಿ ಆಗಮಿಸುತ್ತಿರುವ
ಮಾಜಿ ಪ್ರಧಾನಿ ಎಚ್.ಡಿ.ದೇವೇಗೌಡ ಅವರಿಗೆ ಹಾಗೂ
ಮಾಜಿ ಸಚಿವ ಎಚ್.ಡಿ.ರೇವಣ್ಣ ಅವರಿಗೆ ಹೃತ್ಪೂರ್ವಕ ಸ್ವಾಗತ
ಶ್ರೀ ಎಚ್.ಡಿ.ದೇವೇಗೌಡ
ಮಾಜಿ ಪ್ರಧಾನ ಮಂತ್ರಿಗಳು
ಶ್ರೀ ಡಾ. ಎಂ.ಸಿ. ಸುಧಾಕರ್
ಉನ್ನತ ಶಿಕ್ಷಣ ಸಚಿವರು
ಶ್ರೀ ಶ್ರೇಯಸ್ ಪಟೇಲ್
ಸಂಸದರು, ಹಾಸನ
ಶ್ರೀ ಎಚ್.ಡಿ.ರೇವಣ್ಣ
ಮಾಜಿ ಸಚಿವರು, ಶಾಸಕರು
ಆರ್.ಟಿ.ದ್ಯಾವೇಗೌಡ
ಅಧ್ಯಕ್ಷರು, ಎಂ.ಟಿ.ಇ.ಎಸ್
ವಾಜಿದ್ ಪಾಷಾ
ಖಜಾಂಚಿ, ಎಂ.ಟಿ.ಇ.ಎಸ್
ಅರ್ಜುನ್ ಗುರುದೇವ್
ಉಪಾಧ್ಯಕ್ಷರು, ಎಂ.ಟಿ.ಇ
ಸಿ.ಆರ್.ಲಿಂಗೇಶ್
ಕಾರ್ಯದರ್ಶಿ, ಎಂ.ಟಿ.ಇ.ಎಸ್
MALNAD
2K25
The Cultural Odyssey
ಡಾ. ಎಸ್. ಕೃಷ್ಣಪ್ಪ
ಪ್ರಾಂಶುಪಾಲರು
ಡಾ. ಪಿ. ಪ್ರವೀಣ್
ನಿರ್ದೇಶಕರು, ಎಂ.ಸಿ.ಎ
ಸ್ವಾಗತ ಕೋರುವವರು
ಮಲೆನಾಡು ತಾಂತ್ರಿಕ ಶಿಕ್ಷಣ ಸಮಿತಿ ನಿರ್ದೇಶಕರು,
ಆಡಳಿತ ಮಂಡಳಿ ಸದಸ್ಯರು ಕಾಲೇಜು ಸಿಬ್ಬಂದಿ ಹಾಗೂ ವಿದ್ಯಾರ್ಥಿಗಳು
Edited, Owned, Published Printed by: NAGARAJU.H.S. Karthik Nilaya,Hemavathi Nagar,Near Royal Appolo, 3rd Main, 12th Ward, Hassan,
Hassan Dist. Karnataka Printed at: HONALU GRAPHICS, Ashoka road, Vidhya Nagar, Hassan Hassan Dist. Karnataka State.
